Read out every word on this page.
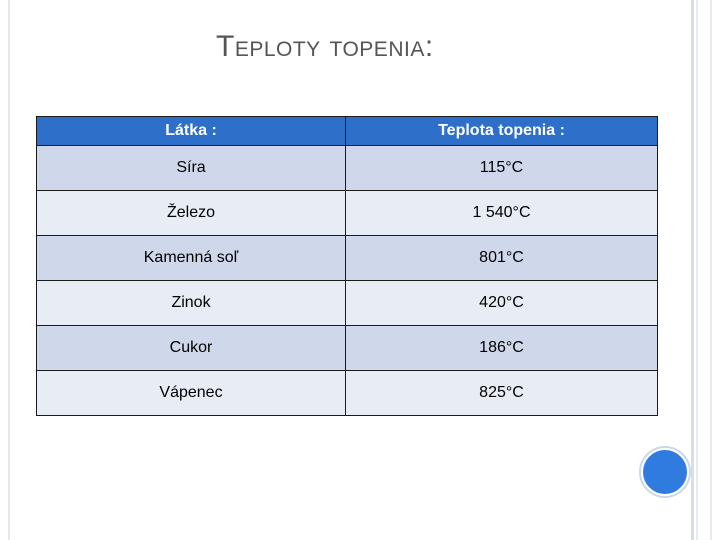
Teploty topenia:
Látka :	Teplota topenia :
Síra	115°C
Železo	1 540°C
Kamenná soľ	801°C
Zinok	420°C
Cukor	186°C
Vápenec	825°C
